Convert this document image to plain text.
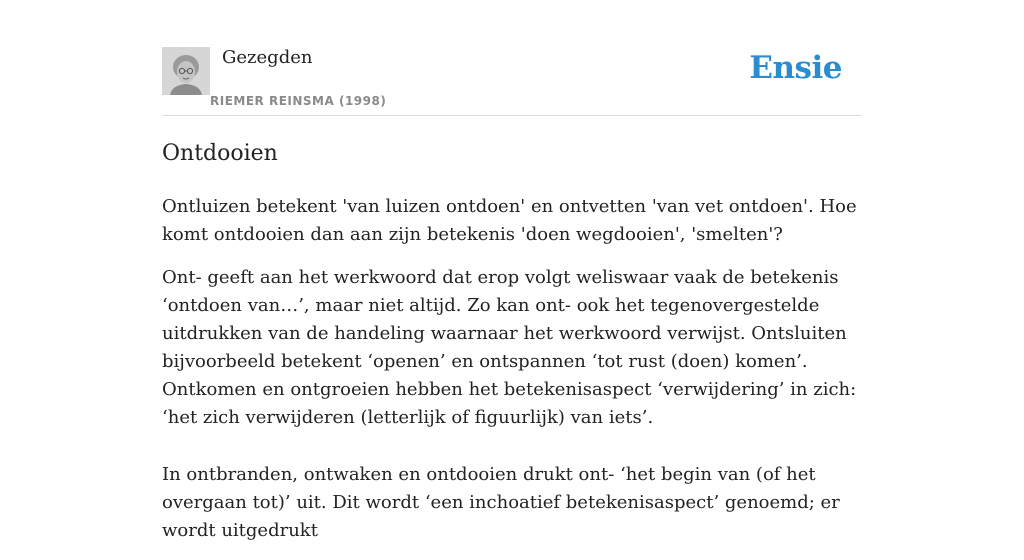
Gezegden
RIEMER REINSMA (1998)
Ensie
Ontdooien

Ontluizen betekent 'van luizen ontdoen' en ontvetten 'van vet ontdoen'. Hoe komt ontdooien dan aan zijn betekenis 'doen wegdooien', 'smelten'?

Ont- geeft aan het werkwoord dat erop volgt weliswaar vaak de betekenis ‘ontdoen van…’, maar niet altijd. Zo kan ont- ook het tegenovergestelde uitdrukken van de handeling waarnaar het werkwoord verwijst. Ontsluiten bijvoorbeeld betekent ‘openen’ en ontspannen ‘tot rust (doen) komen’. Ontkomen en ontgroeien hebben het betekenisaspect ‘verwijdering’ in zich: ‘het zich verwijderen (letterlijk of figuurlijk) van iets’.

In ontbranden, ontwaken en ontdooien drukt ont- ‘het begin van (of het overgaan tot)’ uit. Dit wordt ‘een inchoatief betekenisaspect’ genoemd; er wordt uitgedrukt
